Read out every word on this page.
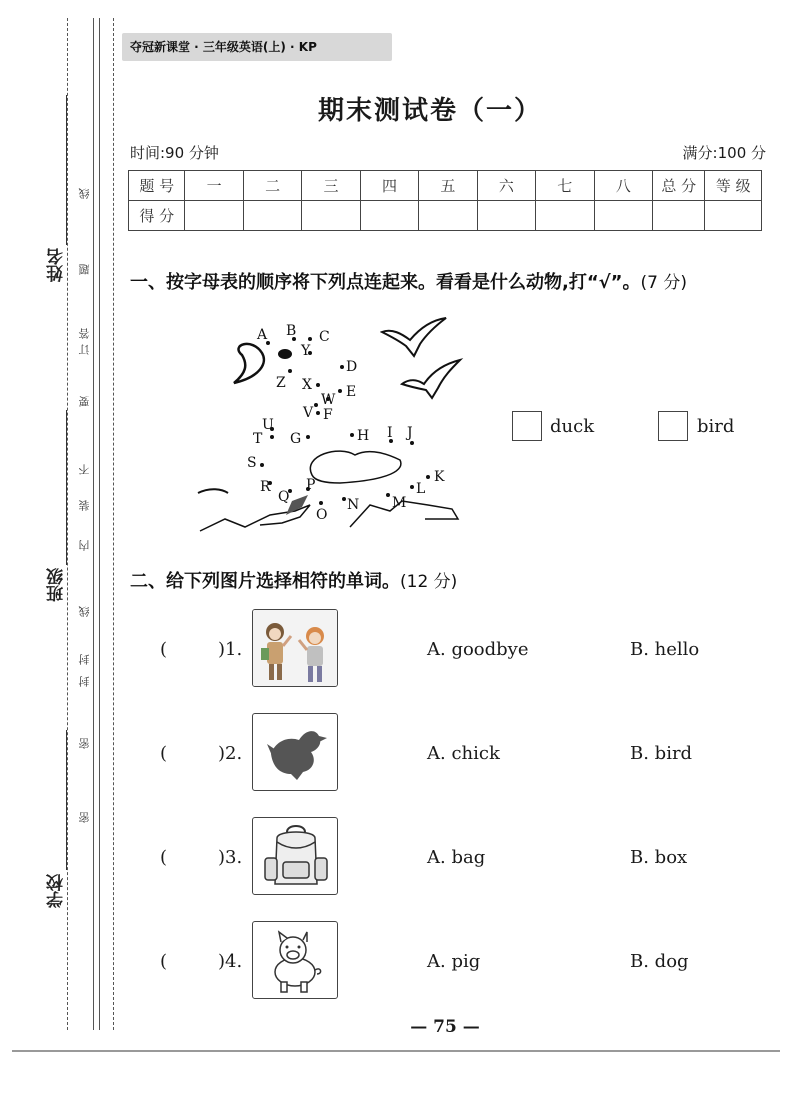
姓名
班级
学校
线
题
答
订
要
不
装
内
线
封
封
密
密
夺冠新课堂 · 三年级英语(上) · KP
期末测试卷（一）
时间:90 分钟	满分:100 分
题 号	一	二	三	四	五	六	七	八	总 分	等 级
得 分										
一、按字母表的顺序将下列点连起来。看看是什么动物,打“√”。(7 分)
A B C
D
E
F
G	H I J
K
L
M
N
O
P
Q
R
S
T
U
V
W
X
Y
Z
duck	bird
二、给下列图片选择相符的单词。(12 分)
(	)1.	A. goodbye	B. hello
(	)2.	A. chick	B. bird
(	)3.	A. bag	B. box
(	)4.	A. pig	B. dog
— 75 —
